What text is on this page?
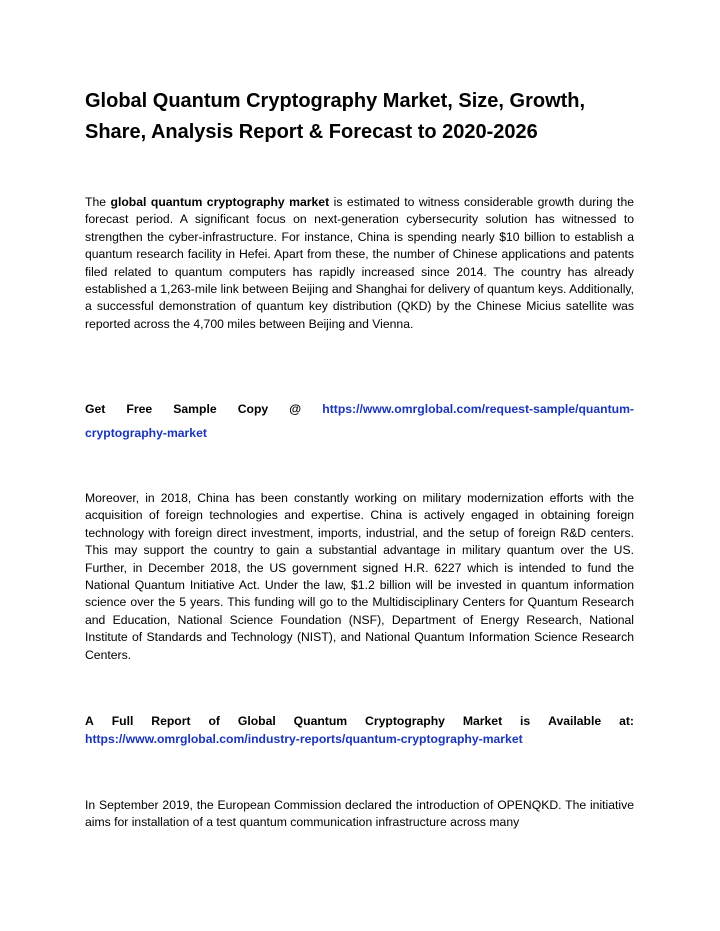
Global Quantum Cryptography Market, Size, Growth,
Share, Analysis Report & Forecast to 2020-2026

The global quantum cryptography market is estimated to witness considerable growth during the forecast period. A significant focus on next-generation cybersecurity solution has witnessed to strengthen the cyber-infrastructure. For instance, China is spending nearly $10 billion to establish a quantum research facility in Hefei. Apart from these, the number of Chinese applications and patents filed related to quantum computers has rapidly increased since 2014. The country has already established a 1,263-mile link between Beijing and Shanghai for delivery of quantum keys. Additionally, a successful demonstration of quantum key distribution (QKD) by the Chinese Micius satellite was reported across the 4,700 miles between Beijing and Vienna.

Get Free Sample Copy @ https://www.omrglobal.com/request-sample/quantum-
cryptography-market

Moreover, in 2018, China has been constantly working on military modernization efforts with the acquisition of foreign technologies and expertise. China is actively engaged in obtaining foreign technology with foreign direct investment, imports, industrial, and the setup of foreign R&D centers. This may support the country to gain a substantial advantage in military quantum over the US. Further, in December 2018, the US government signed H.R. 6227 which is intended to fund the National Quantum Initiative Act. Under the law, $1.2 billion will be invested in quantum information science over the 5 years. This funding will go to the Multidisciplinary Centers for Quantum Research and Education, National Science Foundation (NSF), Department of Energy Research, National Institute of Standards and Technology (NIST), and National Quantum Information Science Research Centers.

A Full Report of Global Quantum Cryptography Market is Available at:
https://www.omrglobal.com/industry-reports/quantum-cryptography-market

In September 2019, the European Commission declared the introduction of OPENQKD. The initiative aims for installation of a test quantum communication infrastructure across many
